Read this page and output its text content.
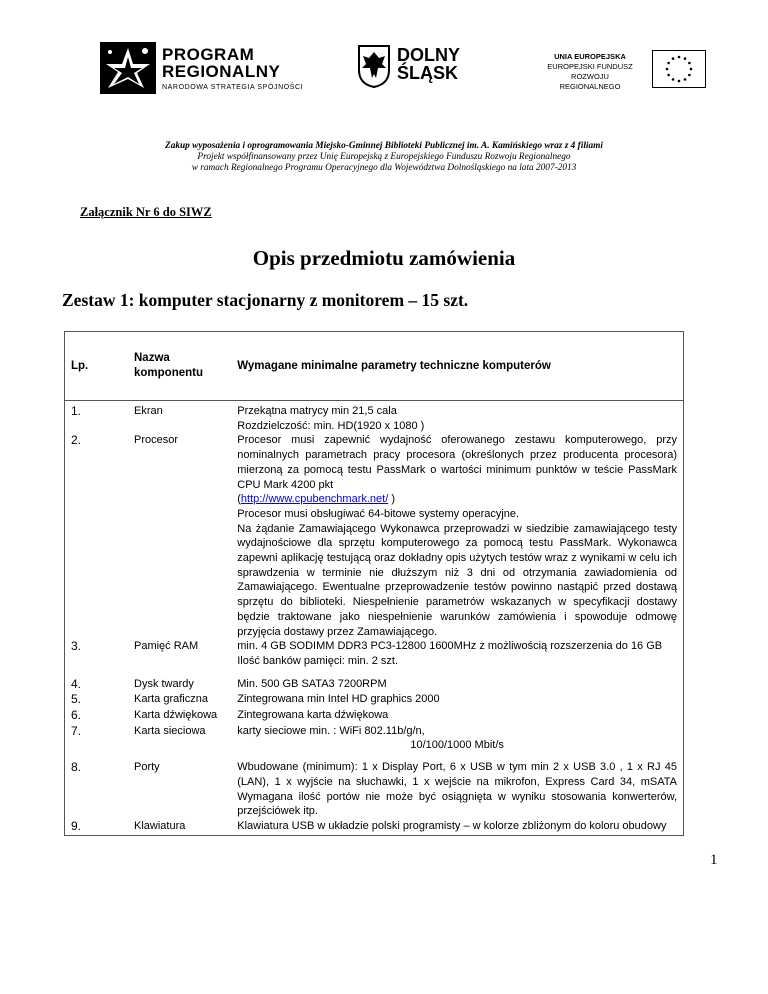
PROGRAM
REGIONALNY
NARODOWA STRATEGIA SPÓJNOŚCI
DOLNY
ŚLĄSK
UNIA EUROPEJSKA
EUROPEJSKI FUNDUSZ
ROZWOJU REGIONALNEGO
Zakup wyposażenia i oprogramowania Miejsko-Gminnej Biblioteki Publicznej im. A. Kamińskiego wraz z 4 filiami
Projekt współfinansowany przez Unię Europejską z Europejskiego Funduszu Rozwoju Regionalnego
w ramach Regionalnego Programu Operacyjnego dla Województwa Dolnośląskiego na lata 2007-2013
Załącznik Nr 6 do SIWZ
Opis przedmiotu zamówienia
Zestaw 1: komputer stacjonarny z monitorem – 15 szt.
Lp.	Nazwa komponentu	Wymagane minimalne parametry techniczne komputerów
1.	Ekran	Przekątna matrycy min 21,5 cala
Rozdzielczość: min. HD(1920 x 1080 )

2.	Procesor	Procesor musi zapewnić wydajność oferowanego zestawu komputerowego, przy nominalnych parametrach pracy procesora (określonych przez producenta procesora) mierzoną za pomocą testu PassMark o wartości minimum punktów w teście PassMark CPU Mark 4200 pkt
(http://www.cpubenchmark.net/ )
Procesor musi obsługiwać 64-bitowe systemy operacyjne.
Na żądanie Zamawiającego Wykonawca przeprowadzi w siedzibie zamawiającego testy wydajnościowe dla sprzętu komputerowego za pomocą testu PassMark. Wykonawca zapewni aplikację testującą oraz dokładny opis użytych testów wraz z wynikami w celu ich sprawdzenia w terminie nie dłuższym niż 3 dni od otrzymania zawiadomienia od Zamawiającego. Ewentualne przeprowadzenie testów powinno nastąpić przed dostawą sprzętu do biblioteki. Niespełnienie parametrów wskazanych w specyfikacji dostawy będzie traktowane jako niespełnienie warunków zamówienia i spowoduje odmowę przyjęcia dostawy przez Zamawiającego.

3.	Pamięć RAM	min. 4 GB SODIMM DDR3 PC3-12800 1600MHz z możliwością rozszerzenia do 16 GB
Ilość banków pamięci: min. 2 szt.

4.	Dysk twardy	Min. 500 GB SATA3 7200RPM
5.	Karta graficzna	Zintegrowana min Intel HD graphics 2000
6.	Karta dźwiękowa	Zintegrowana karta dźwiękowa
7.	Karta sieciowa	karty sieciowe min. : WiFi 802.11b/g/n,
10/100/1000 Mbit/s

8.	Porty	Wbudowane (minimum): 1 x Display Port, 6 x USB w tym min 2 x USB 3.0 , 1 x RJ 45 (LAN), 1 x wyjście na słuchawki, 1 x wejście na mikrofon, Express Card 34, mSATA Wymagana ilość portów nie może być osiągnięta w wyniku stosowania konwerterów, przejściówek itp.
9.	Klawiatura	Klawiatura USB w układzie polski programisty – w kolorze zbliżonym do koloru obudowy
1
